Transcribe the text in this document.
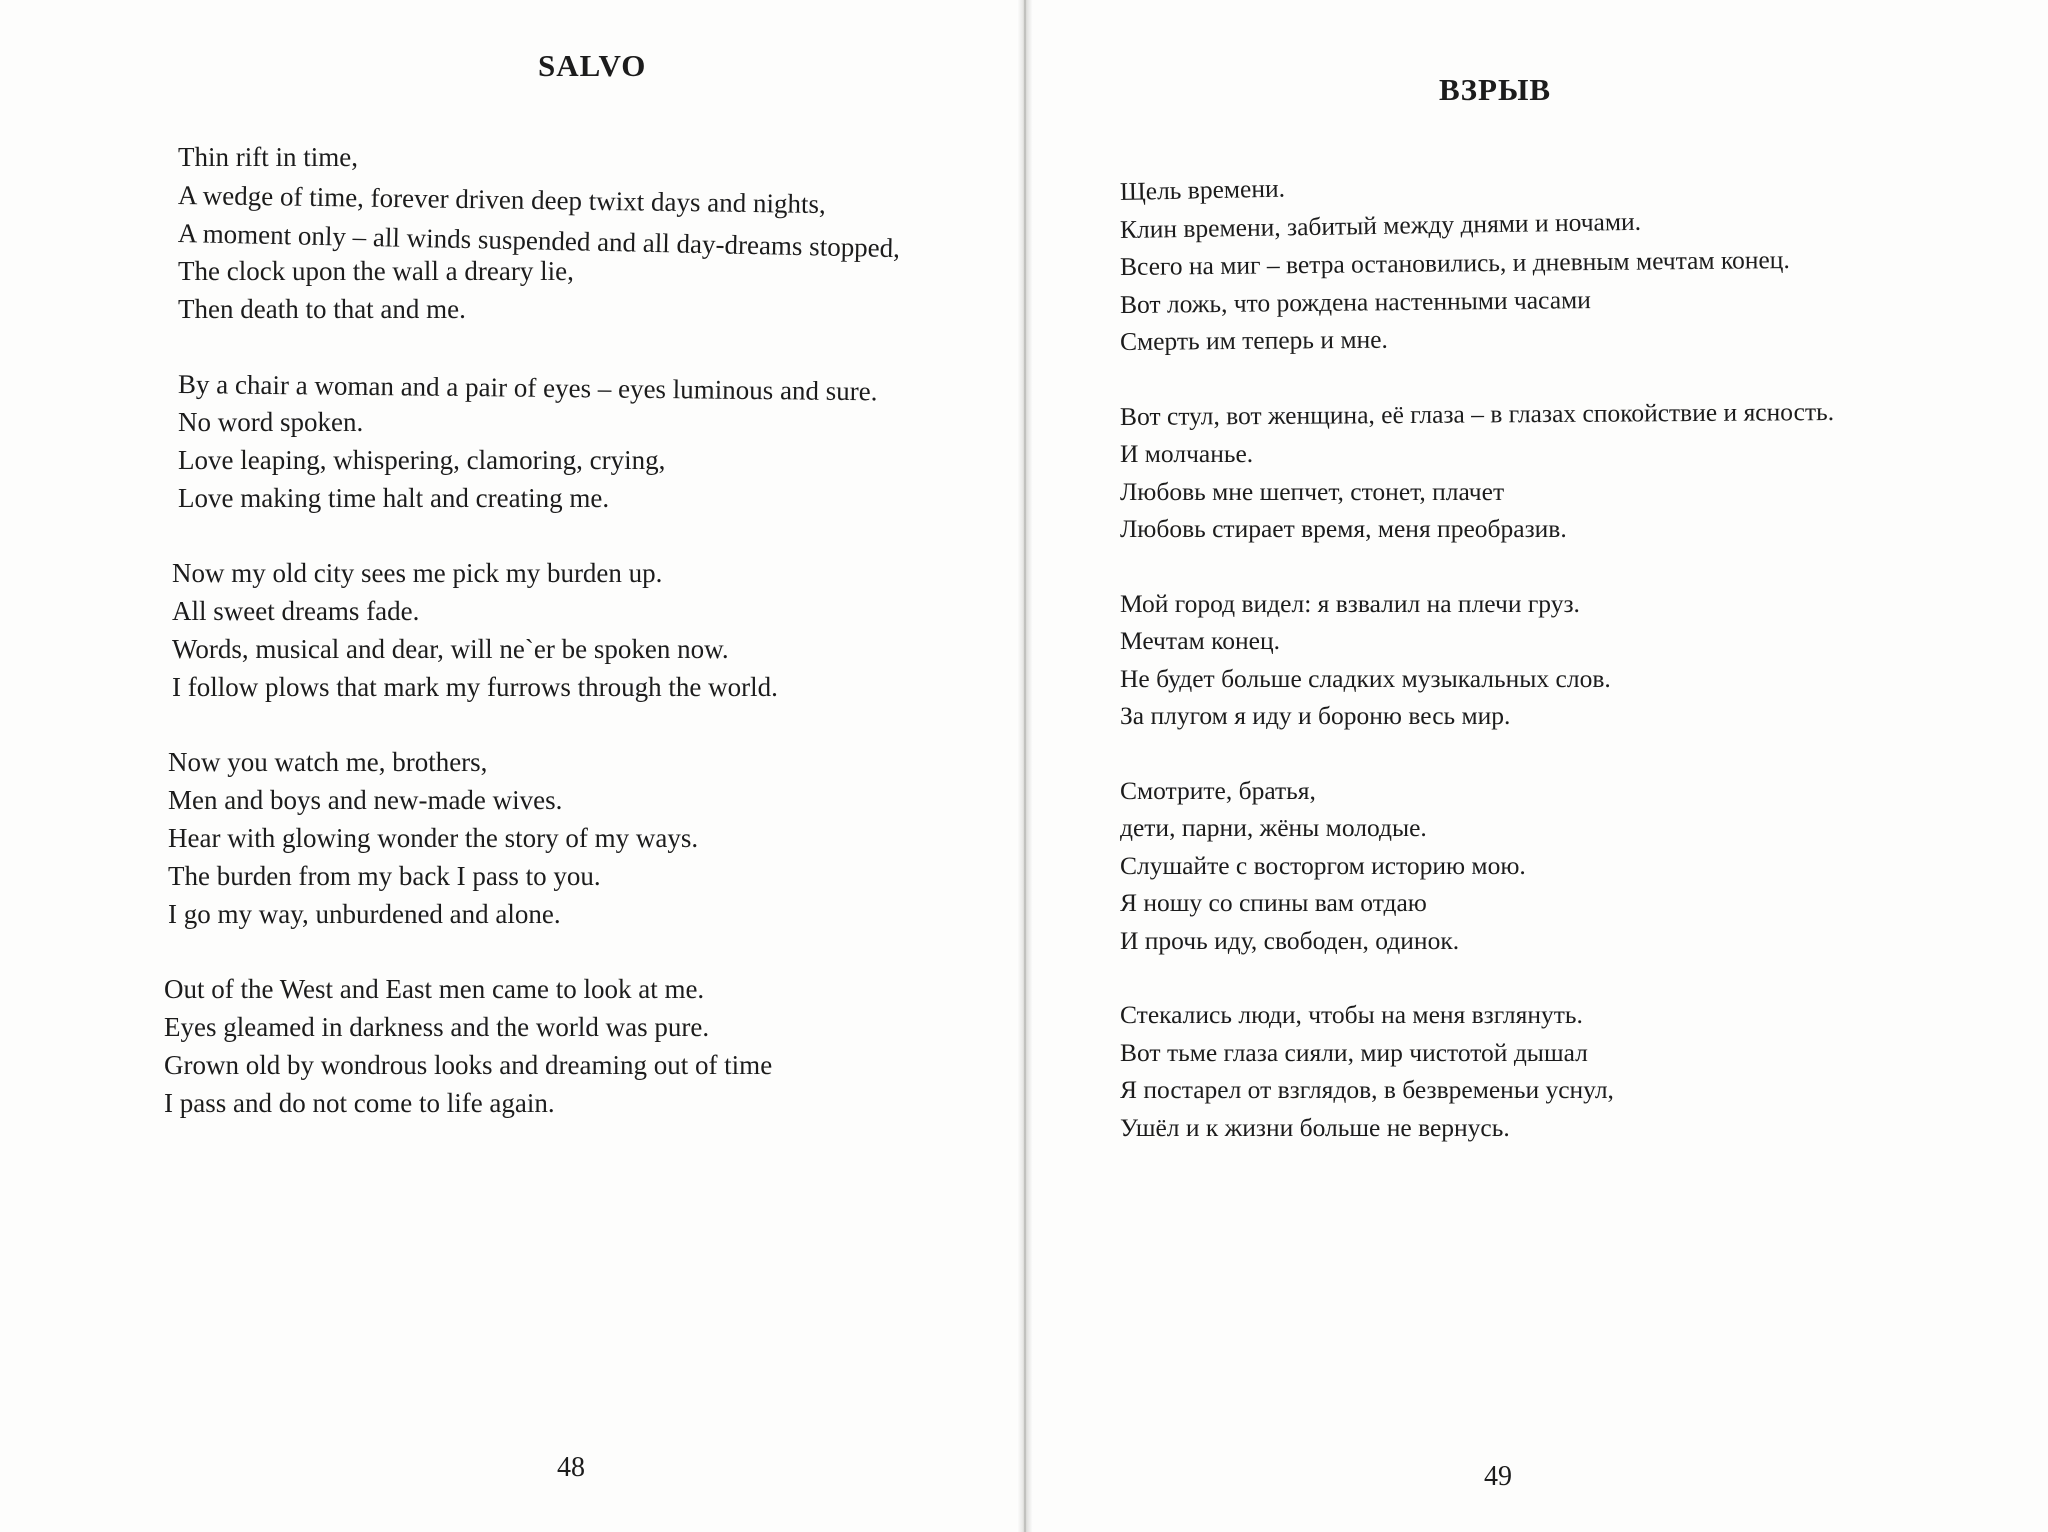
SALVO
Thin rift in time,
A wedge of time, forever driven deep twixt days and nights,
A moment only – all winds suspended and all day-dreams stopped,
The clock upon the wall a dreary lie,
Then death to that and me.
By a chair a woman and a pair of eyes – eyes luminous and sure.
No word spoken.
Love leaping, whispering, clamoring, crying,
Love making time halt and creating me.
Now my old city sees me pick my burden up.
All sweet dreams fade.
Words, musical and dear, will ne`er be spoken now.
I follow plows that mark my furrows through the world.
Now you watch me, brothers,
Men and boys and new-made wives.
Hear with glowing wonder the story of my ways.
The burden from my back I pass to you.
I go my way, unburdened and alone.
Out of the West and East men came to look at me.
Eyes gleamed in darkness and the world was pure.
Grown old by wondrous looks and dreaming out of time
I pass and do not come to life again.
48
ВЗРЫВ
Щель времени.
Клин времени, забитый между днями и ночами.
Всего на миг – ветра остановились, и дневным мечтам конец.
Вот ложь, что рождена настенными часами
Смерть им теперь и мне.
Вот стул, вот женщина, её глаза – в глазах спокойствие и ясность.
И молчанье.
Любовь мне шепчет, стонет, плачет
Любовь стирает время, меня преобразив.
Мой город видел: я взвалил на плечи груз.
Мечтам конец.
Не будет больше сладких музыкальных слов.
За плугом я иду и бороню весь мир.
Смотрите, братья,
дети, парни, жёны молодые.
Слушайте с восторгом историю мою.
Я ношу со спины вам отдаю
И прочь иду, свободен, одинок.
Стекались люди, чтобы на меня взглянуть.
Вот тьме глаза сияли, мир чистотой дышал
Я постарел от взглядов, в безвременьи уснул,
Ушёл и к жизни больше не вернусь.
49
